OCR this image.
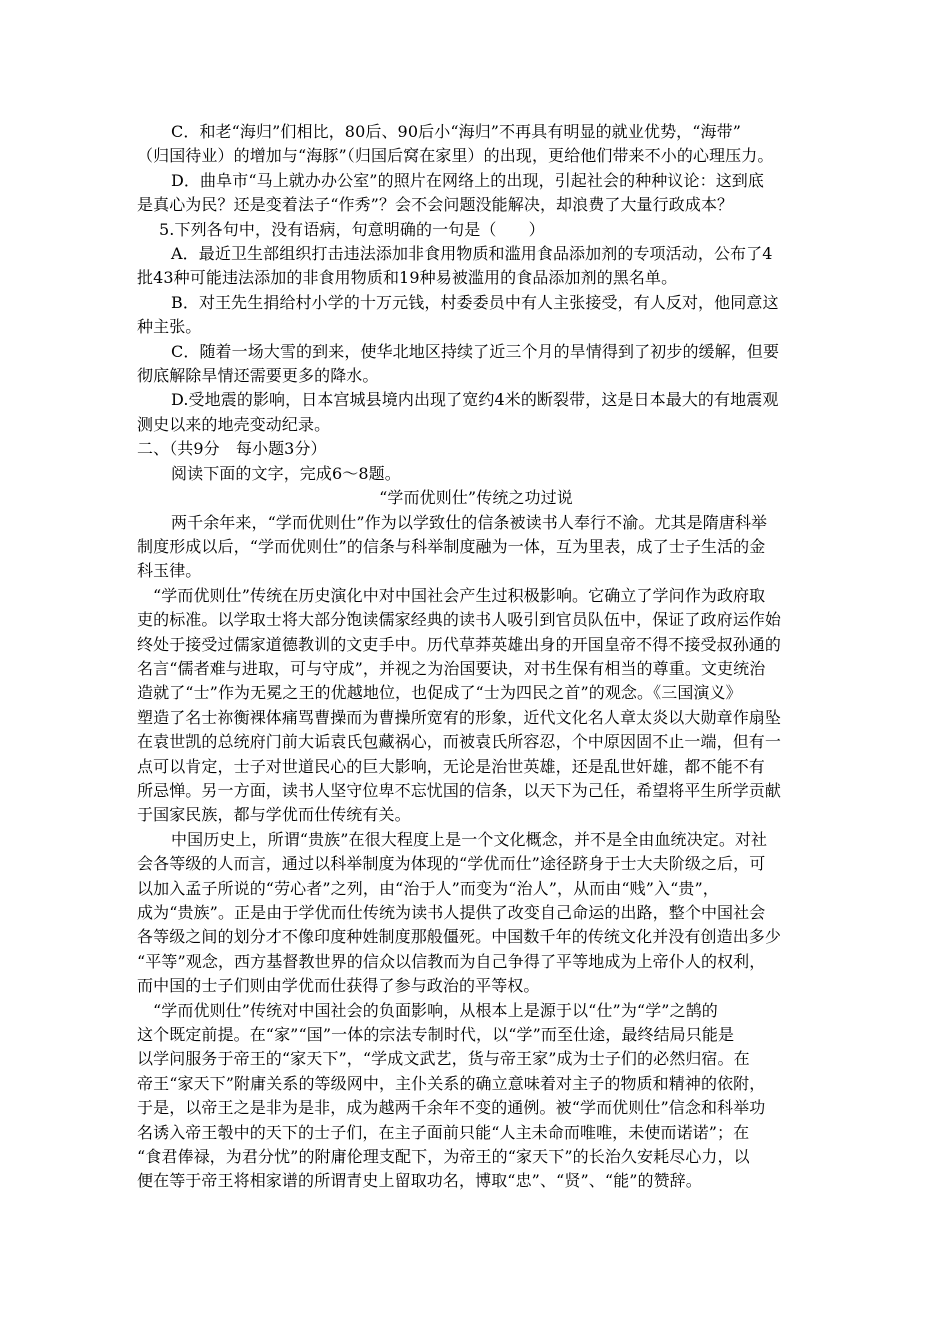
C．和老“海归”们相比，80后、90后小“海归”不再具有明显的就业优势，“海带”
（归国待业）的增加与“海豚”（归国后窝在家里）的出现，更给他们带来不小的心理压力。
D．曲阜市“马上就办办公室”的照片在网络上的出现，引起社会的种种议论：这到底
是真心为民？还是变着法子“作秀”？会不会问题没能解决，却浪费了大量行政成本？
5.下列各句中，没有语病，句意明确的一句是（　　）
A．最近卫生部组织打击违法添加非食用物质和滥用食品添加剂的专项活动，公布了4
批43种可能违法添加的非食用物质和19种易被滥用的食品添加剂的黑名单。
B．对王先生捐给村小学的十万元钱，村委委员中有人主张接受，有人反对，他同意这
种主张。
C．随着一场大雪的到来，使华北地区持续了近三个月的旱情得到了初步的缓解，但要
彻底解除旱情还需要更多的降水。
D.受地震的影响，日本宫城县境内出现了宽约4米的断裂带，这是日本最大的有地震观
测史以来的地壳变动纪录。
二、（共9分　每小题3分）
阅读下面的文字，完成6～8题。
“学而优则仕”传统之功过说
两千余年来，“学而优则仕”作为以学致仕的信条被读书人奉行不渝。尤其是隋唐科举
制度形成以后，“学而优则仕”的信条与科举制度融为一体，互为里表，成了士子生活的金
科玉律。
“学而优则仕”传统在历史演化中对中国社会产生过积极影响。它确立了学问作为政府取
吏的标准。以学取士将大部分饱读儒家经典的读书人吸引到官员队伍中，保证了政府运作始
终处于接受过儒家道德教训的文吏手中。历代草莽英雄出身的开国皇帝不得不接受叔孙通的
名言“儒者难与进取，可与守成”，并视之为治国要诀，对书生保有相当的尊重。文吏统治
造就了“士”作为无冕之王的优越地位，也促成了“士为四民之首”的观念。《三国演义》
塑造了名士祢衡裸体痛骂曹操而为曹操所宽宥的形象，近代文化名人章太炎以大勋章作扇坠
在袁世凯的总统府门前大诟袁氏包藏祸心，而被袁氏所容忍，个中原因固不止一端，但有一
点可以肯定，士子对世道民心的巨大影响，无论是治世英雄，还是乱世奸雄，都不能不有
所忌惮。另一方面，读书人坚守位卑不忘忧国的信条，以天下为己任，希望将平生所学贡献
于国家民族，都与学优而仕传统有关。
中国历史上，所谓“贵族”在很大程度上是一个文化概念，并不是全由血统决定。对社
会各等级的人而言，通过以科举制度为体现的“学优而仕”途径跻身于士大夫阶级之后，可
以加入孟子所说的“劳心者”之列，由“治于人”而变为“治人”，从而由“贱”入“贵”，
成为“贵族”。正是由于学优而仕传统为读书人提供了改变自己命运的出路，整个中国社会
各等级之间的划分才不像印度种姓制度那般僵死。中国数千年的传统文化并没有创造出多少
“平等”观念，西方基督教世界的信众以信教而为自己争得了平等地成为上帝仆人的权利，
而中国的士子们则由学优而仕获得了参与政治的平等权。
“学而优则仕”传统对中国社会的负面影响，从根本上是源于以“仕”为“学”之鹄的
这个既定前提。在“家”“国”一体的宗法专制时代，以“学”而至仕途，最终结局只能是
以学问服务于帝王的“家天下”，“学成文武艺，货与帝王家”成为士子们的必然归宿。在
帝王“家天下”附庸关系的等级网中，主仆关系的确立意味着对主子的物质和精神的依附，
于是，以帝王之是非为是非，成为越两千余年不变的通例。被“学而优则仕”信念和科举功
名诱入帝王彀中的天下的士子们，在主子面前只能“人主未命而唯唯，未使而诺诺”；在
“食君俸禄，为君分忧”的附庸伦理支配下，为帝王的“家天下”的长治久安耗尽心力，以
便在等于帝王将相家谱的所谓青史上留取功名，博取“忠”、“贤”、“能”的赞辞。
